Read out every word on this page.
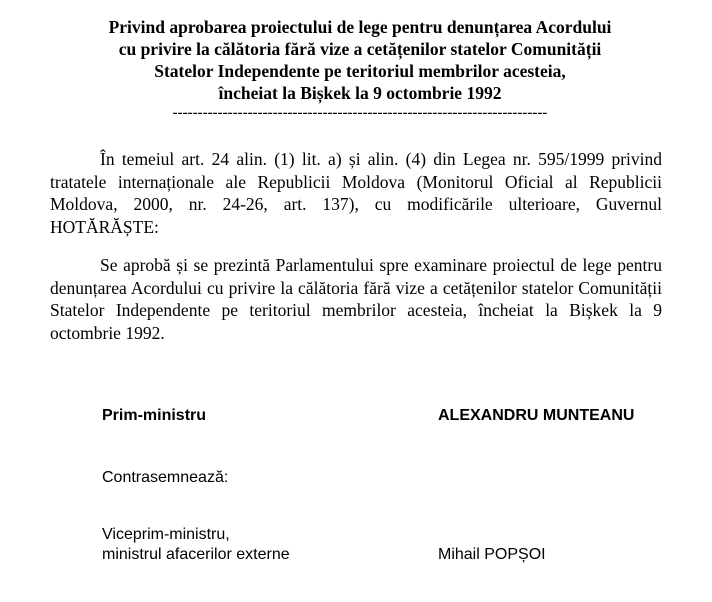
Privind aprobarea proiectului de lege pentru denunțarea Acordului
cu privire la călătoria fără vize a cetățenilor statelor Comunității
Statelor Independente pe teritoriul membrilor acesteia,
încheiat la Bișkek la 9 octombrie 1992
---------------------------------------------------------------------------
În temeiul art. 24 alin. (1) lit. a) și alin. (4) din Legea nr. 595/1999 privind tratatele internaționale ale Republicii Moldova (Monitorul Oficial al Republicii Moldova, 2000, nr. 24-26, art. 137), cu modificările ulterioare, Guvernul HOTĂRĂȘTE:
Se aprobă și se prezintă Parlamentului spre examinare proiectul de lege pentru denunțarea Acordului cu privire la călătoria fără vize a cetățenilor statelor Comunității Statelor Independente pe teritoriul membrilor acesteia, încheiat la Bișkek la 9 octombrie 1992.
Prim-ministru	ALEXANDRU MUNTEANU
Contrasemnează:
Viceprim-ministru,
ministrul afacerilor externe	Mihail POPȘOI
